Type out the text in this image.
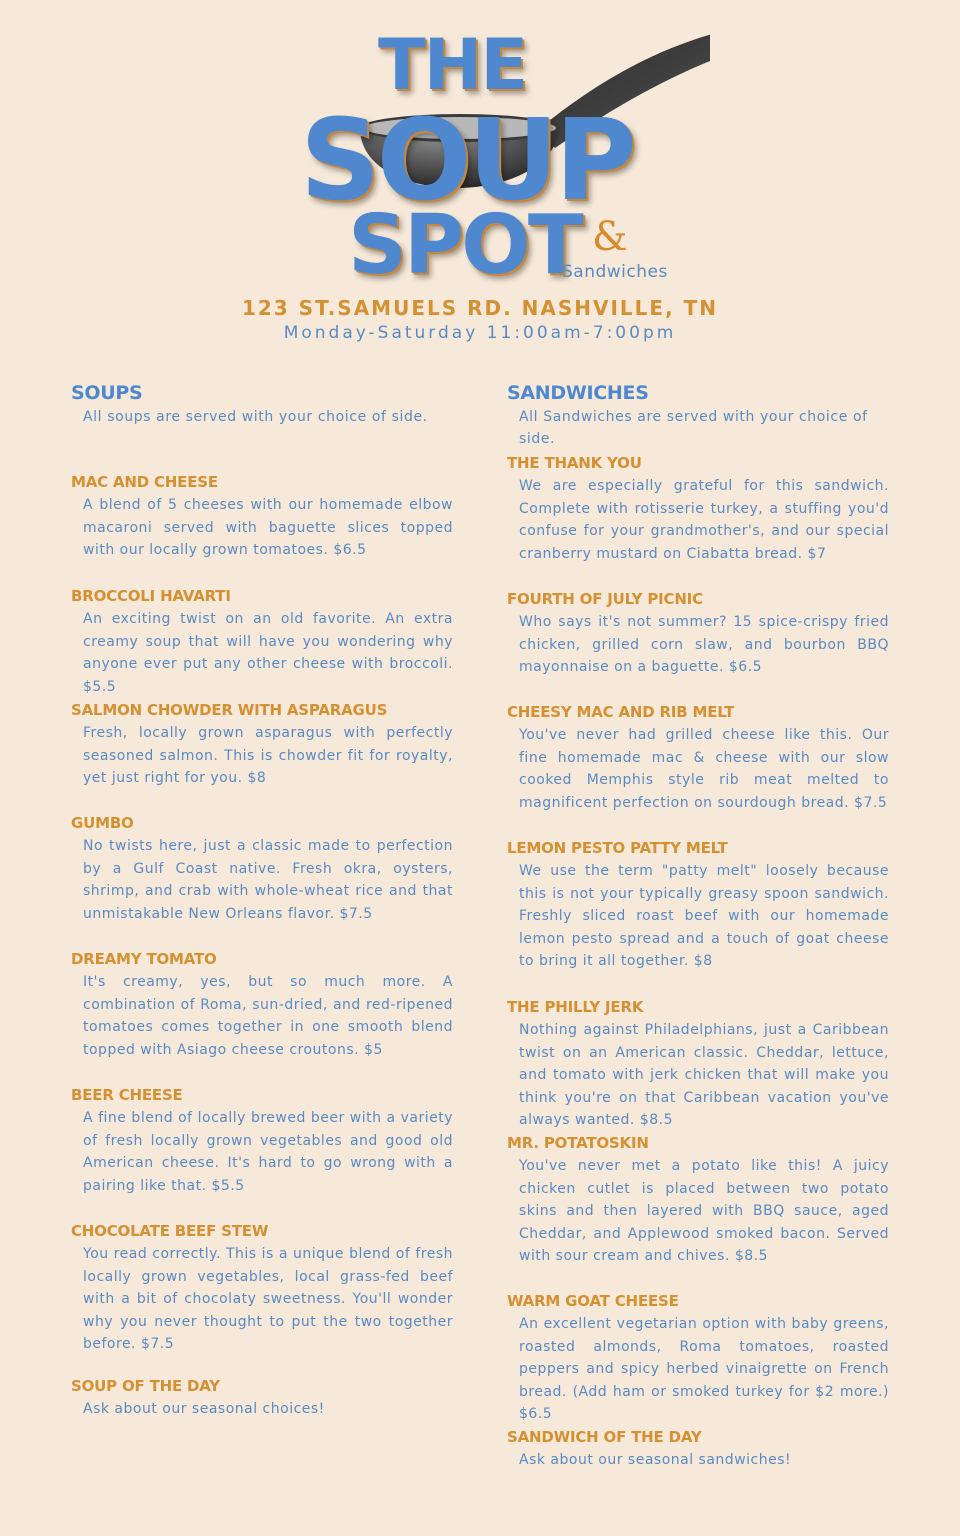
THE
SOUP
SPOT &
Sandwiches
123 ST.SAMUELS RD. NASHVILLE, TN
Monday-Saturday 11:00am-7:00pm
SOUPS

All soups are served with your choice of side.

MAC AND CHEESE

A blend of 5 cheeses with our homemade elbow macaroni served with baguette slices topped with our locally grown tomatoes. $6.5

BROCCOLI HAVARTI

An exciting twist on an old favorite. An extra creamy soup that will have you wondering why anyone ever put any other cheese with broccoli. $5.5

SALMON CHOWDER WITH ASPARAGUS

Fresh, locally grown asparagus with perfectly seasoned salmon. This is chowder fit for royalty, yet just right for you. $8

GUMBO

No twists here, just a classic made to perfection by a Gulf Coast native. Fresh okra, oysters, shrimp, and crab with whole-wheat rice and that unmistakable New Orleans flavor. $7.5

DREAMY TOMATO

It's creamy, yes, but so much more. A combination of Roma, sun-dried, and red-ripened tomatoes comes together in one smooth blend topped with Asiago cheese croutons. $5

BEER CHEESE

A fine blend of locally brewed beer with a variety of fresh locally grown vegetables and good old American cheese. It's hard to go wrong with a pairing like that. $5.5

CHOCOLATE BEEF STEW

You read correctly. This is a unique blend of fresh locally grown vegetables, local grass-fed beef with a bit of chocolaty sweetness. You'll wonder why you never thought to put the two together before. $7.5

SOUP OF THE DAY

Ask about our seasonal choices!

SANDWICHES

All Sandwiches are served with your choice of side.

THE THANK YOU

We are especially grateful for this sandwich. Complete with rotisserie turkey, a stuffing you'd confuse for your grandmother's, and our special cranberry mustard on Ciabatta bread. $7

FOURTH OF JULY PICNIC

Who says it's not summer? 15 spice-crispy fried chicken, grilled corn slaw, and bourbon BBQ mayonnaise on a baguette. $6.5

CHEESY MAC AND RIB MELT

You've never had grilled cheese like this. Our fine homemade mac & cheese with our slow cooked Memphis style rib meat melted to magnificent perfection on sourdough bread. $7.5

LEMON PESTO PATTY MELT

We use the term "patty melt" loosely because this is not your typically greasy spoon sandwich. Freshly sliced roast beef with our homemade lemon pesto spread and a touch of goat cheese to bring it all together. $8

THE PHILLY JERK

Nothing against Philadelphians, just a Caribbean twist on an American classic. Cheddar, lettuce, and tomato with jerk chicken that will make you think you're on that Caribbean vacation you've always wanted. $8.5

MR. POTATOSKIN

You've never met a potato like this! A juicy chicken cutlet is placed between two potato skins and then layered with BBQ sauce, aged Cheddar, and Applewood smoked bacon. Served with sour cream and chives. $8.5

WARM GOAT CHEESE

An excellent vegetarian option with baby greens, roasted almonds, Roma tomatoes, roasted peppers and spicy herbed vinaigrette on French bread. (Add ham or smoked turkey for $2 more.) $6.5

SANDWICH OF THE DAY

Ask about our seasonal sandwiches!
